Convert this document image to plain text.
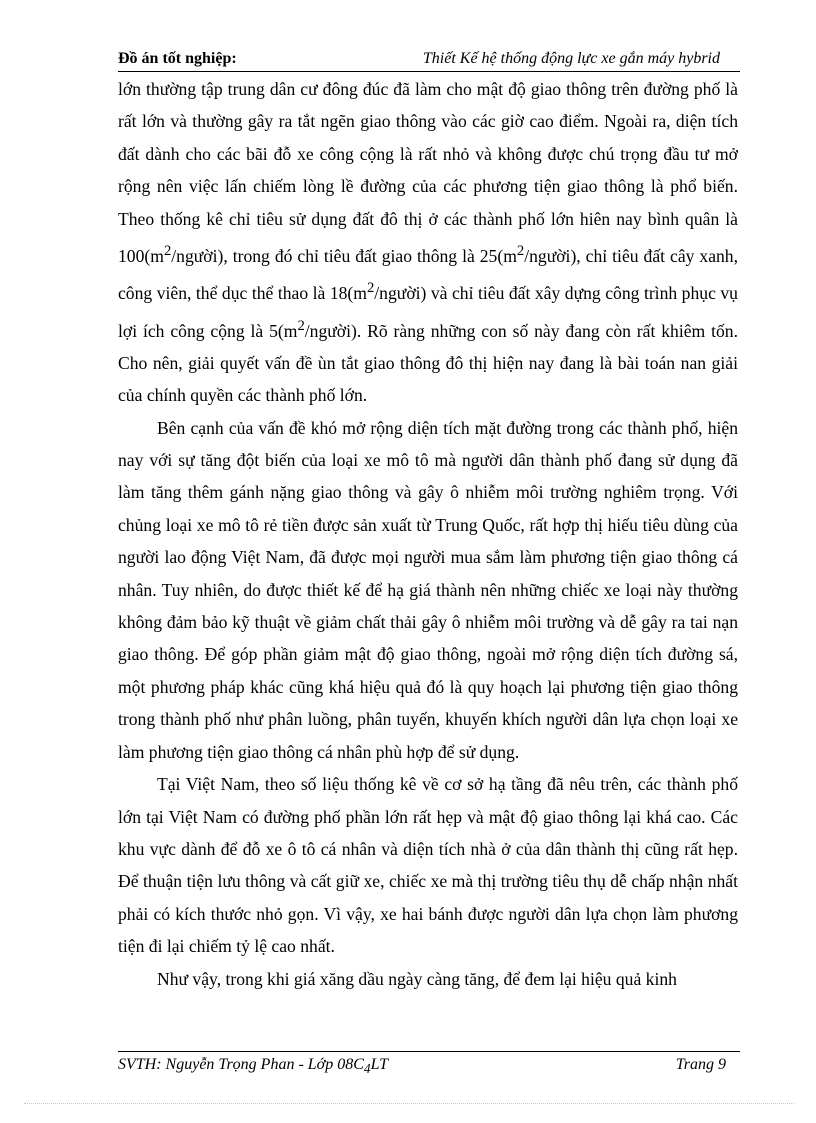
Đồ án tốt nghiệp:	Thiết Kế hệ thống động lực xe gắn máy hybrid

lớn thường tập trung dân cư đông đúc đã làm cho mật độ giao thông trên đường phố là rất lớn và thường gây ra tắt ngẽn giao thông vào các giờ cao điểm. Ngoài ra, diện tích đất dành cho các bãi đỗ xe công cộng là rất nhỏ và không được chú trọng đầu tư mở rộng nên việc lấn chiếm lòng lề đường của các phương tiện giao thông là phổ biến. Theo thống kê chỉ tiêu sử dụng đất đô thị ở các thành phố lớn hiên nay bình quân là $100(m^2/người)$, trong đó chỉ tiêu đất giao thông là $25(m^2/người)$, chỉ tiêu đất cây xanh, công viên, thể dục thể thao là $18(m^2/người)$ và chỉ tiêu đất xây dựng công trình phục vụ lợi ích công cộng là $5(m^2/người)$. Rõ ràng những con số này đang còn rất khiêm tốn. Cho nên, giải quyết vấn đề ùn tắt giao thông đô thị hiện nay đang là bài toán nan giải của chính quyền các thành phố lớn.

Bên cạnh của vấn đề khó mở rộng diện tích mặt đường trong các thành phố, hiện nay với sự tăng đột biến của loại xe mô tô mà người dân thành phố đang sử dụng đã làm tăng thêm gánh nặng giao thông và gây ô nhiễm môi trường nghiêm trọng. Với chủng loại xe mô tô rẻ tiền được sản xuất từ Trung Quốc, rất hợp thị hiếu tiêu dùng của người lao động Việt Nam, đã được mọi người mua sắm làm phương tiện giao thông cá nhân. Tuy nhiên, do được thiết kế để hạ giá thành nên những chiếc xe loại này thường không đảm bảo kỹ thuật về giảm chất thải gây ô nhiễm môi trường và dễ gây ra tai nạn giao thông. Để góp phần giảm mật độ giao thông, ngoài mở rộng diện tích đường sá, một phương pháp khác cũng khá hiệu quả đó là quy hoạch lại phương tiện giao thông trong thành phố như phân luồng, phân tuyến, khuyến khích người dân lựa chọn loại xe làm phương tiện giao thông cá nhân phù hợp để sử dụng.

Tại Việt Nam, theo số liệu thống kê về cơ sở hạ tầng đã nêu trên, các thành phố lớn tại Việt Nam có đường phố phần lớn rất hẹp và mật độ giao thông lại khá cao. Các khu vực dành để đỗ xe ô tô cá nhân và diện tích nhà ở của dân thành thị cũng rất hẹp. Để thuận tiện lưu thông và cất giữ xe, chiếc xe mà thị trường tiêu thụ dễ chấp nhận nhất phải có kích thước nhỏ gọn. Vì vậy, xe hai bánh được người dân lựa chọn làm phương tiện đi lại chiếm tỷ lệ cao nhất.

Như vậy, trong khi giá xăng dầu ngày càng tăng, để đem lại hiệu quả kinh

SVTH: Nguyễn Trọng Phan - Lớp $08C_4LT$	Trang 9
